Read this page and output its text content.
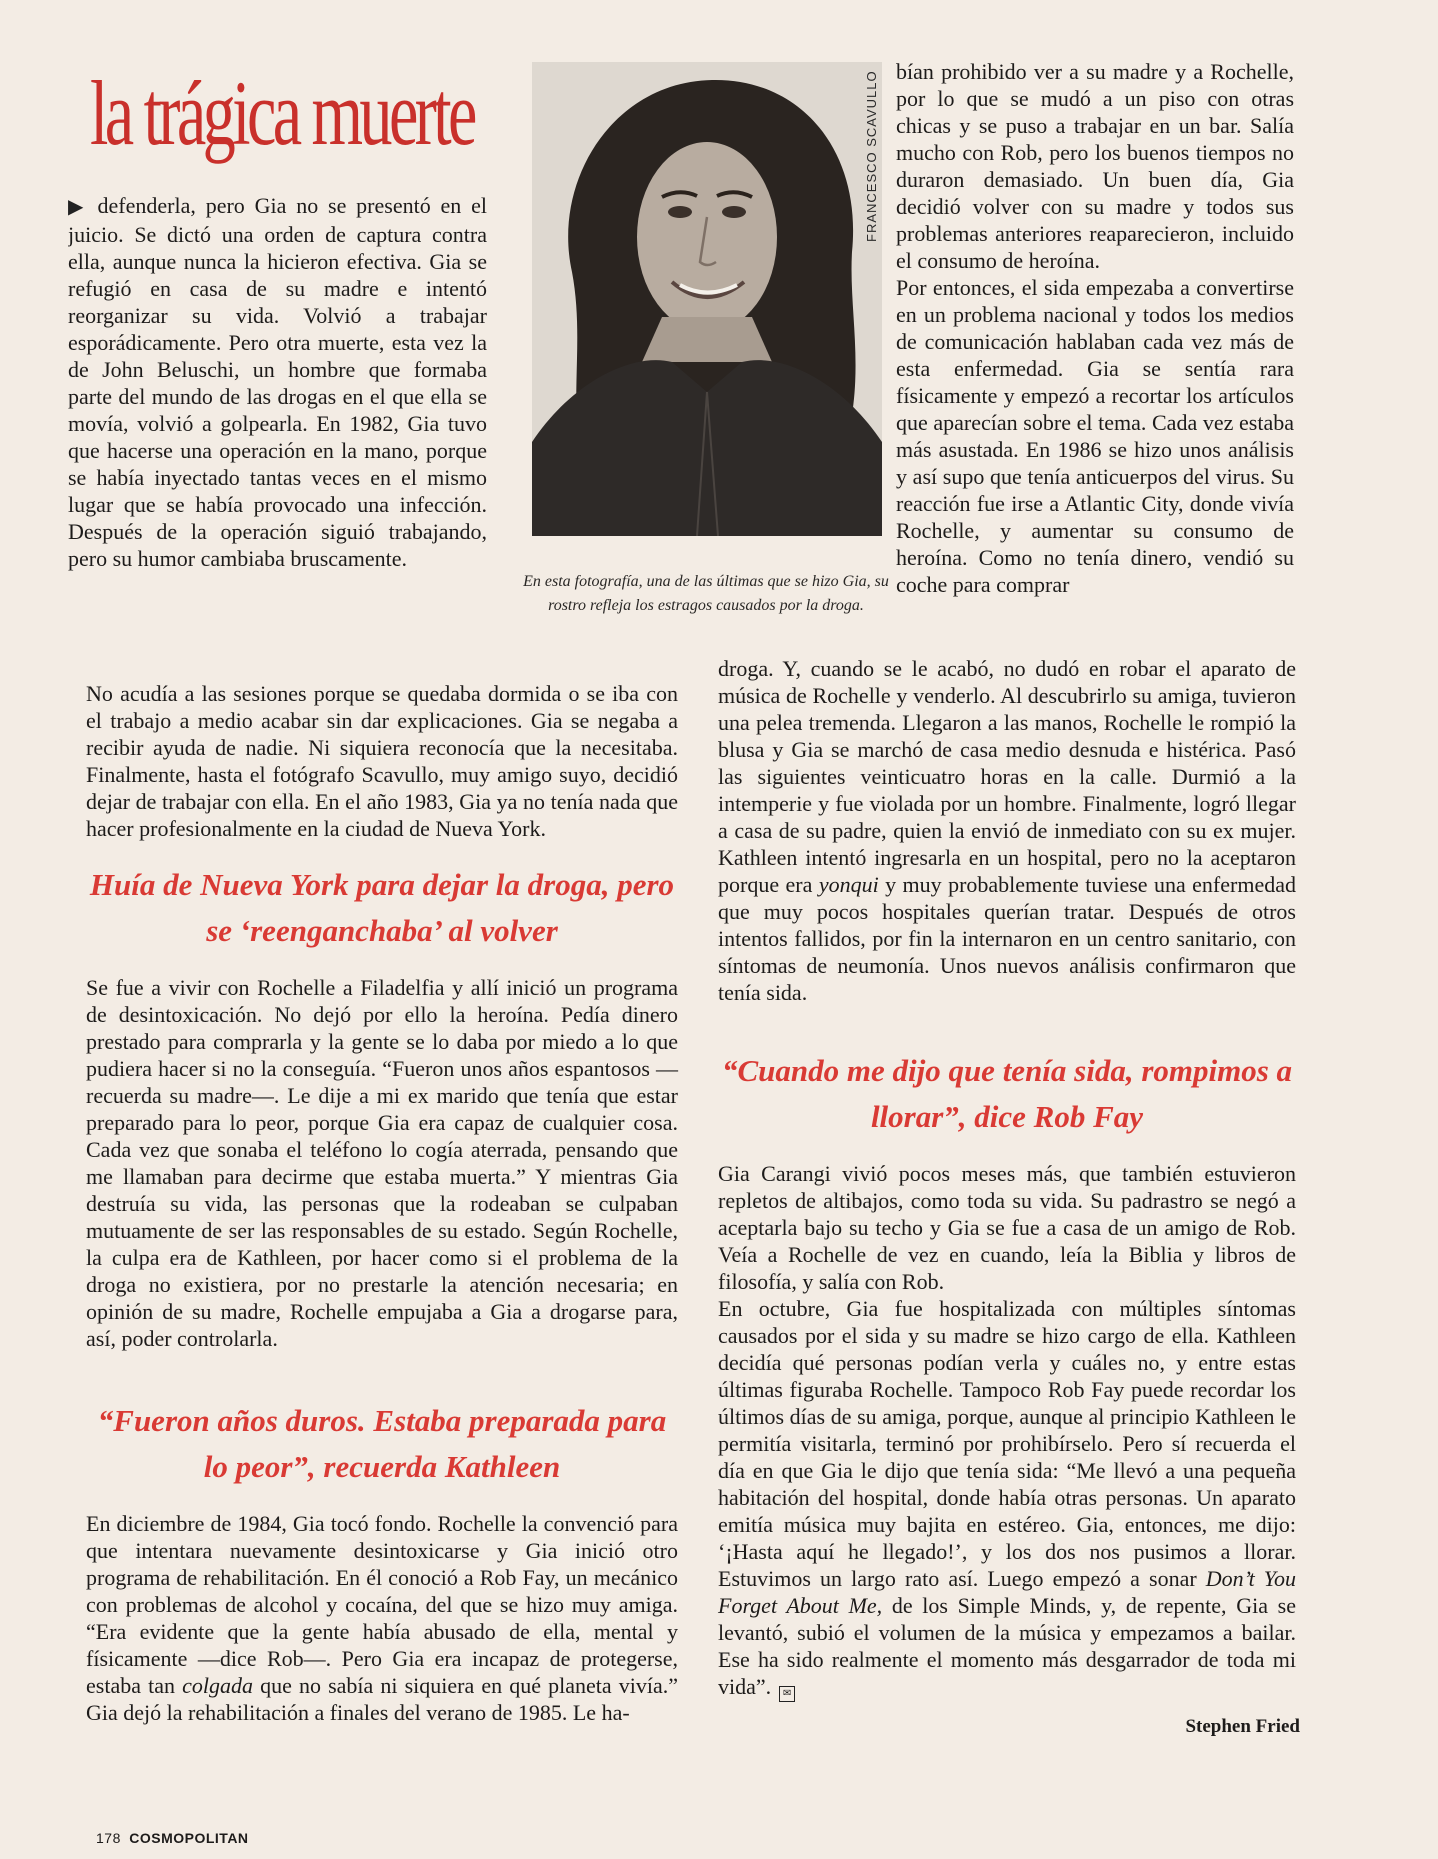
la trágica muerte	FRANCESCO SCAVULLO

En esta fotografía, una de las últimas que se hizo Gia, su rostro refleja los estragos causados por la droga.

▶ defenderla, pero Gia no se presentó en el juicio. Se dictó una orden de captura contra ella, aunque nunca la hicieron efectiva. Gia se refugió en casa de su madre e intentó reorganizar su vida. Volvió a trabajar esporádicamente. Pero otra muerte, esta vez la de John Beluschi, un hombre que formaba parte del mundo de las drogas en el que ella se movía, volvió a golpearla. En 1982, Gia tuvo que hacerse una operación en la mano, porque se había inyectado tantas veces en el mismo lugar que se había provocado una infección. Después de la operación siguió trabajando, pero su humor cambiaba bruscamente.

No acudía a las sesiones porque se quedaba dormida o se iba con el trabajo a medio acabar sin dar explicaciones. Gia se negaba a recibir ayuda de nadie. Ni siquiera reconocía que la necesitaba. Finalmente, hasta el fotógrafo Scavullo, muy amigo suyo, decidió dejar de trabajar con ella. En el año 1983, Gia ya no tenía nada que hacer profesionalmente en la ciudad de Nueva York.

Huía de Nueva York para dejar la droga, pero se ‘reenganchaba’ al volver

Se fue a vivir con Rochelle a Filadelfia y allí inició un programa de desintoxicación. No dejó por ello la heroína. Pedía dinero prestado para comprarla y la gente se lo daba por miedo a lo que pudiera hacer si no la conseguía. “Fueron unos años espantosos —recuerda su madre—. Le dije a mi ex marido que tenía que estar preparado para lo peor, porque Gia era capaz de cualquier cosa. Cada vez que sonaba el teléfono lo cogía aterrada, pensando que me llamaban para decirme que estaba muerta.” Y mientras Gia destruía su vida, las personas que la rodeaban se culpaban mutuamente de ser las responsables de su estado. Según Rochelle, la culpa era de Kathleen, por hacer como si el problema de la droga no existiera, por no prestarle la atención necesaria; en opinión de su madre, Rochelle empujaba a Gia a drogarse para, así, poder controlarla.

“Fueron años duros. Estaba preparada para lo peor”, recuerda Kathleen

En diciembre de 1984, Gia tocó fondo. Rochelle la convenció para que intentara nuevamente desintoxicarse y Gia inició otro programa de rehabilitación. En él conoció a Rob Fay, un mecánico con problemas de alcohol y cocaína, del que se hizo muy amiga. “Era evidente que la gente había abusado de ella, mental y físicamente —dice Rob—. Pero Gia era incapaz de protegerse, estaba tan colgada que no sabía ni siquiera en qué planeta vivía.” Gia dejó la rehabilitación a finales del verano de 1985. Le ha-

bían prohibido ver a su madre y a Rochelle, por lo que se mudó a un piso con otras chicas y se puso a trabajar en un bar. Salía mucho con Rob, pero los buenos tiempos no duraron demasiado. Un buen día, Gia decidió volver con su madre y todos sus problemas anteriores reaparecieron, incluido el consumo de heroína.

Por entonces, el sida empezaba a convertirse en un problema nacional y todos los medios de comunicación hablaban cada vez más de esta enfermedad. Gia se sentía rara físicamente y empezó a recortar los artículos que aparecían sobre el tema. Cada vez estaba más asustada. En 1986 se hizo unos análisis y así supo que tenía anticuerpos del virus. Su reacción fue irse a Atlantic City, donde vivía Rochelle, y aumentar su consumo de heroína. Como no tenía dinero, vendió su coche para comprar

droga. Y, cuando se le acabó, no dudó en robar el aparato de música de Rochelle y venderlo. Al descubrirlo su amiga, tuvieron una pelea tremenda. Llegaron a las manos, Rochelle le rompió la blusa y Gia se marchó de casa medio desnuda e histérica. Pasó las siguientes veinticuatro horas en la calle. Durmió a la intemperie y fue violada por un hombre. Finalmente, logró llegar a casa de su padre, quien la envió de inmediato con su ex mujer. Kathleen intentó ingresarla en un hospital, pero no la aceptaron porque era yonqui y muy probablemente tuviese una enfermedad que muy pocos hospitales querían tratar. Después de otros intentos fallidos, por fin la internaron en un centro sanitario, con síntomas de neumonía. Unos nuevos análisis confirmaron que tenía sida.

“Cuando me dijo que tenía sida, rompimos a llorar”, dice Rob Fay

Gia Carangi vivió pocos meses más, que también estuvieron repletos de altibajos, como toda su vida. Su padrastro se negó a aceptarla bajo su techo y Gia se fue a casa de un amigo de Rob. Veía a Rochelle de vez en cuando, leía la Biblia y libros de filosofía, y salía con Rob.

En octubre, Gia fue hospitalizada con múltiples síntomas causados por el sida y su madre se hizo cargo de ella. Kathleen decidía qué personas podían verla y cuáles no, y entre estas últimas figuraba Rochelle. Tampoco Rob Fay puede recordar los últimos días de su amiga, porque, aunque al principio Kathleen le permitía visitarla, terminó por prohibírselo. Pero sí recuerda el día en que Gia le dijo que tenía sida: “Me llevó a una pequeña habitación del hospital, donde había otras personas. Un aparato emitía música muy bajita en estéreo. Gia, entonces, me dijo: ‘¡Hasta aquí he llegado!’, y los dos nos pusimos a llorar. Estuvimos un largo rato así. Luego empezó a sonar Don’t You Forget About Me, de los Simple Minds, y, de repente, Gia se levantó, subió el volumen de la música y empezamos a bailar. Ese ha sido realmente el momento más desgarrador de toda mi vida”. ✉

Stephen Fried

178 COSMOPOLITAN
